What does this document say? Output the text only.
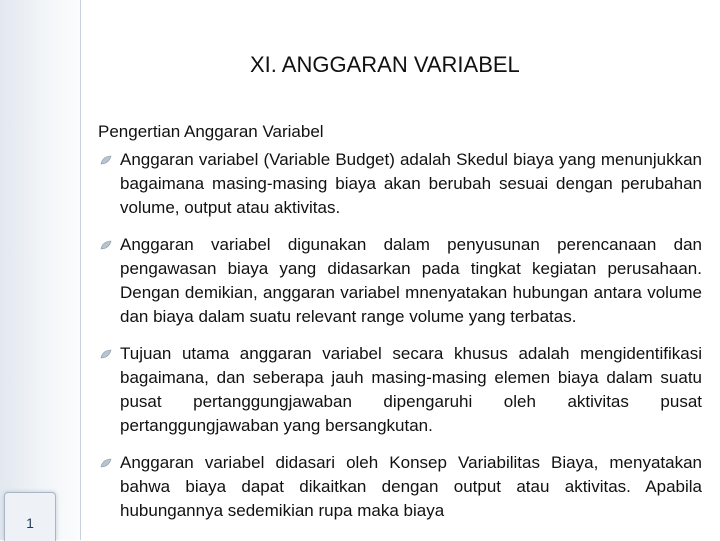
1
XI. ANGGARAN VARIABEL
Pengertian Anggaran Variabel
Anggaran variabel (Variable Budget) adalah Skedul biaya yang menunjukkan bagaimana masing-masing biaya akan berubah sesuai dengan perubahan volume, output atau aktivitas.
Anggaran variabel digunakan dalam penyusunan perencanaan dan pengawasan biaya yang didasarkan pada tingkat kegiatan perusahaan. Dengan demikian, anggaran variabel mnenyatakan hubungan antara volume dan biaya dalam suatu relevant range volume yang terbatas.
Tujuan utama anggaran variabel secara khusus adalah mengidentifikasi bagaimana, dan seberapa jauh masing-masing elemen biaya dalam suatu pusat pertanggungjawaban dipengaruhi oleh aktivitas pusat pertanggungjawaban yang bersangkutan.
Anggaran variabel didasari oleh Konsep Variabilitas Biaya, menyatakan bahwa biaya dapat dikaitkan dengan output atau aktivitas. Apabila hubungannya sedemikian rupa maka biaya
